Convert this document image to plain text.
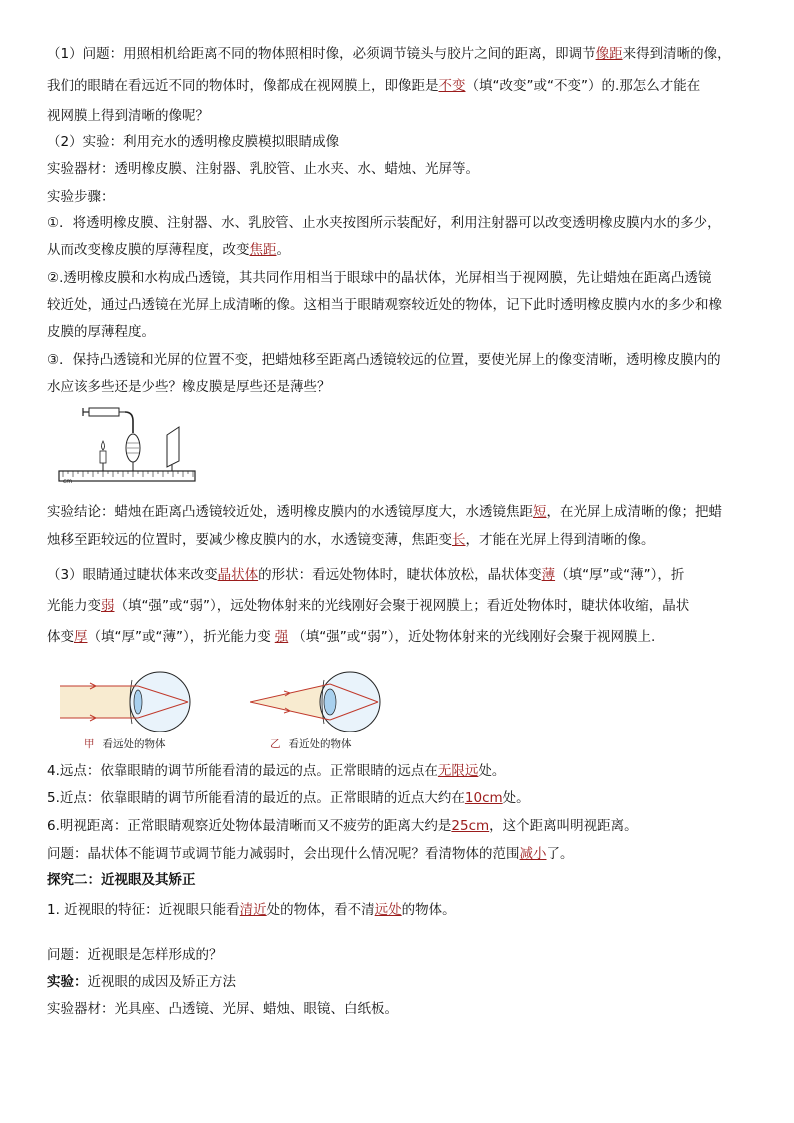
（1）问题：用照相机给距离不同的物体照相时像，必须调节镜头与胶片之间的距离，即调节像距来得到清晰的像，
我们的眼睛在看远近不同的物体时，像都成在视网膜上，即像距是不变（填“改变”或“不变”）的.那怎么才能在
视网膜上得到清晰的像呢？
（2）实验：利用充水的透明橡皮膜模拟眼睛成像
实验器材：透明橡皮膜、注射器、乳胶管、止水夹、水、蜡烛、光屏等。
实验步骤：
①．将透明橡皮膜、注射器、水、乳胶管、止水夹按图所示装配好，利用注射器可以改变透明橡皮膜内水的多少，
从而改变橡皮膜的厚薄程度，改变焦距。
②.透明橡皮膜和水构成凸透镜，其共同作用相当于眼球中的晶状体，光屏相当于视网膜，先让蜡烛在距离凸透镜
较近处，通过凸透镜在光屏上成清晰的像。这相当于眼睛观察较近处的物体，记下此时透明橡皮膜内水的多少和橡
皮膜的厚薄程度。
③．保持凸透镜和光屏的位置不变，把蜡烛移至距离凸透镜较远的位置，要使光屏上的像变清晰，透明橡皮膜内的
水应该多些还是少些？橡皮膜是厚些还是薄些？
cm
实验结论：蜡烛在距离凸透镜较近处，透明橡皮膜内的水透镜厚度大，水透镜焦距短，在光屏上成清晰的像；把蜡
烛移至距较远的位置时，要减少橡皮膜内的水，水透镜变薄，焦距变长，才能在光屏上得到清晰的像。
（3）眼睛通过睫状体来改变晶状体的形状：看远处物体时，睫状体放松，晶状体变薄（填“厚”或“薄”），折
光能力变弱（填“强”或“弱”），远处物体射来的光线刚好会聚于视网膜上；看近处物体时，睫状体收缩，晶状
体变厚（填“厚”或“薄”），折光能力变 强 （填“强”或“弱”），近处物体射来的光线刚好会聚于视网膜上.
甲 看远处的物体	乙 看近处的物体
4.远点：依靠眼睛的调节所能看清的最远的点。正常眼睛的远点在无限远处。
5.近点：依靠眼睛的调节所能看清的最近的点。正常眼睛的近点大约在10cm处。
6.明视距离：正常眼睛观察近处物体最清晰而又不疲劳的距离大约是25cm，这个距离叫明视距离。
问题：晶状体不能调节或调节能力减弱时，会出现什么情况呢？看清物体的范围减小了。
探究二：近视眼及其矫正
1. 近视眼的特征：近视眼只能看清近处的物体，看不清远处的物体。
问题：近视眼是怎样形成的？
实验：近视眼的成因及矫正方法
实验器材：光具座、凸透镜、光屏、蜡烛、眼镜、白纸板。
